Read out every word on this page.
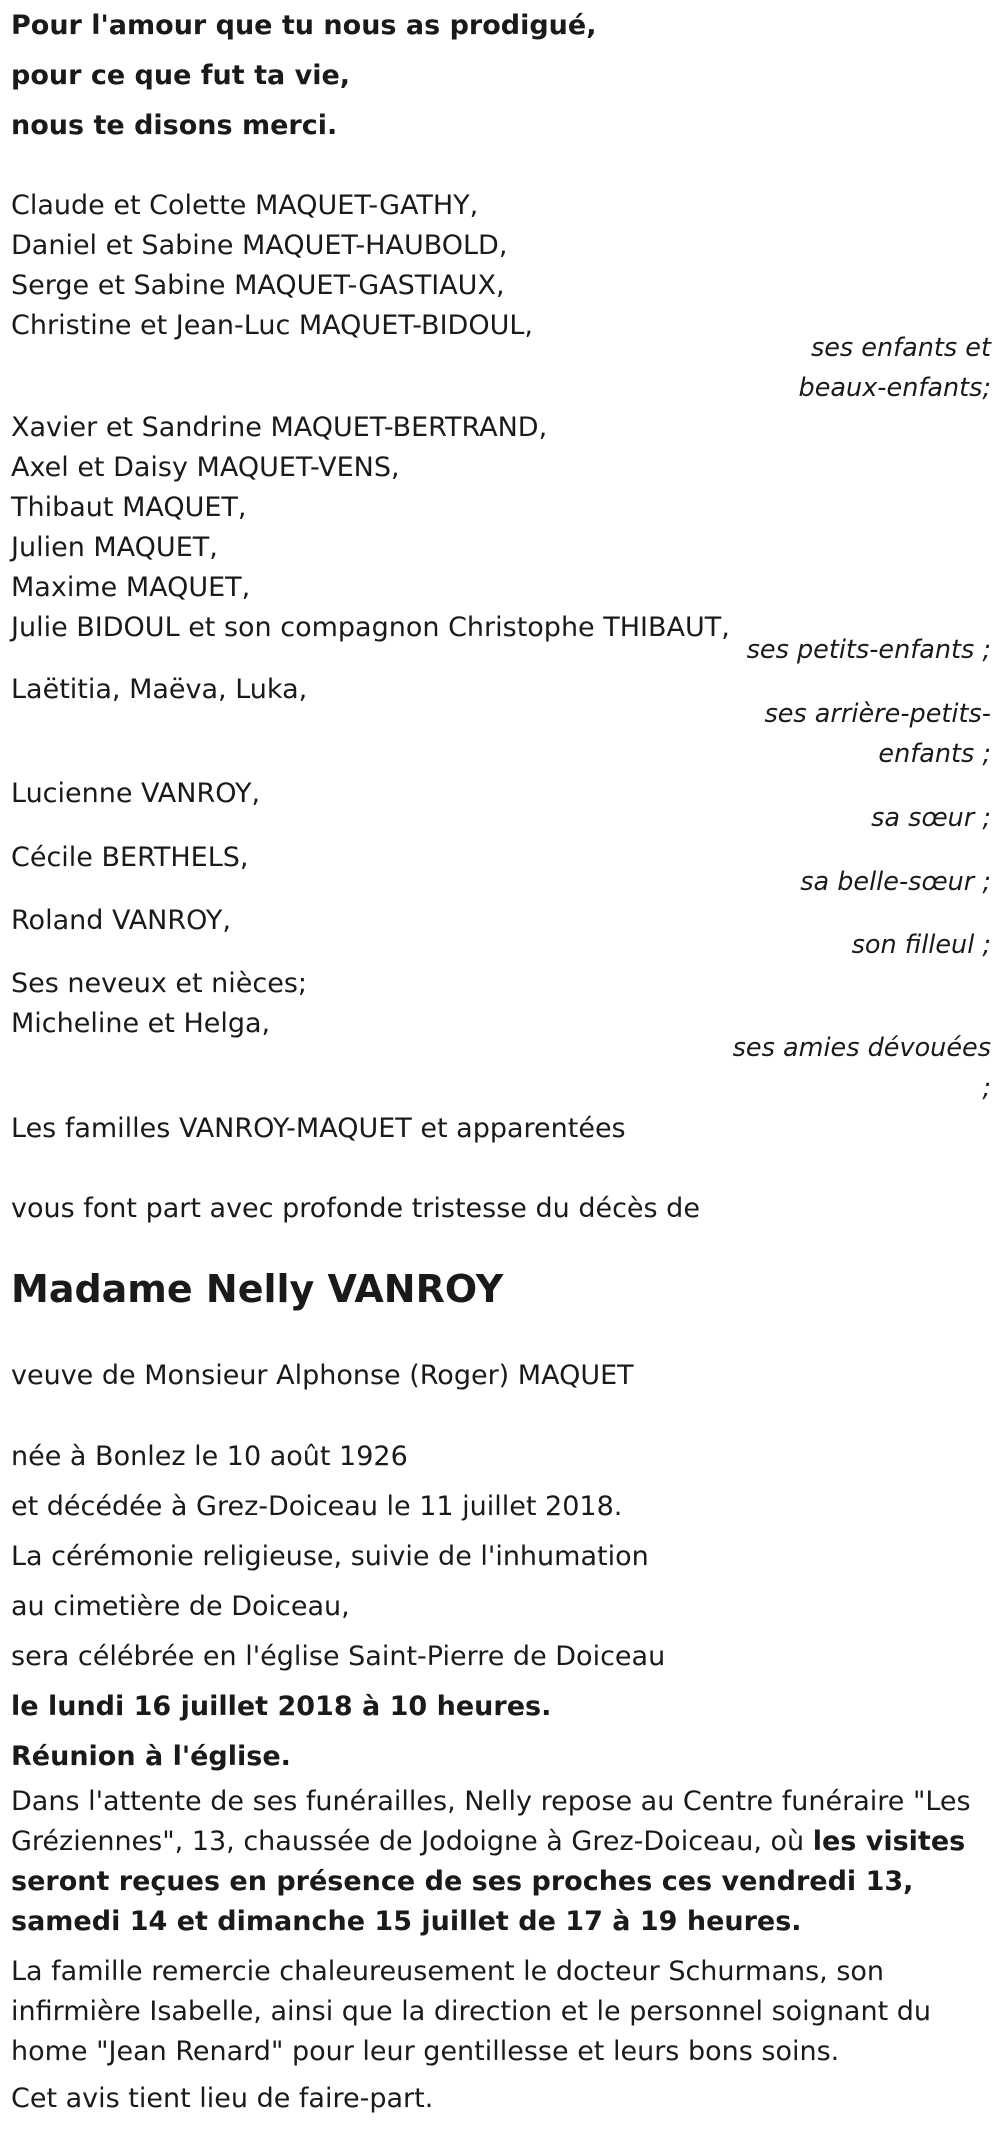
Pour l'amour que tu nous as prodigué,
pour ce que fut ta vie,
nous te disons merci.
Claude et Colette MAQUET-GATHY,
Daniel et Sabine MAQUET-HAUBOLD,
Serge et Sabine MAQUET-GASTIAUX,
Christine et Jean-Luc MAQUET-BIDOUL,
ses enfants et
beaux-enfants;
Xavier et Sandrine MAQUET-BERTRAND,
Axel et Daisy MAQUET-VENS,
Thibaut MAQUET,
Julien MAQUET,
Maxime MAQUET,
Julie BIDOUL et son compagnon Christophe THIBAUT,
ses petits-enfants ;
Laëtitia, Maëva, Luka,
ses arrière-petits-
enfants ;
Lucienne VANROY,
sa sœur ;
Cécile BERTHELS,
sa belle-sœur ;
Roland VANROY,
son filleul ;
Ses neveux et nièces;
Micheline et Helga,
ses amies dévouées
;
Les familles VANROY-MAQUET et apparentées
vous font part avec profonde tristesse du décès de
Madame Nelly VANROY
veuve de Monsieur Alphonse (Roger) MAQUET
née à Bonlez le 10 août 1926
et décédée à Grez-Doiceau le 11 juillet 2018.
La cérémonie religieuse, suivie de l'inhumation
au cimetière de Doiceau,
sera célébrée en l'église Saint-Pierre de Doiceau
le lundi 16 juillet 2018 à 10 heures.
Réunion à l'église.
Dans l'attente de ses funérailles, Nelly repose au Centre funéraire "Les Gréziennes", 13, chaussée de Jodoigne à Grez-Doiceau, où les visites seront reçues en présence de ses proches ces vendredi 13, samedi 14 et dimanche 15 juillet de 17 à 19 heures.
La famille remercie chaleureusement le docteur Schurmans, son infirmière Isabelle, ainsi que la direction et le personnel soignant du home "Jean Renard" pour leur gentillesse et leurs bons soins.
Cet avis tient lieu de faire-part.
